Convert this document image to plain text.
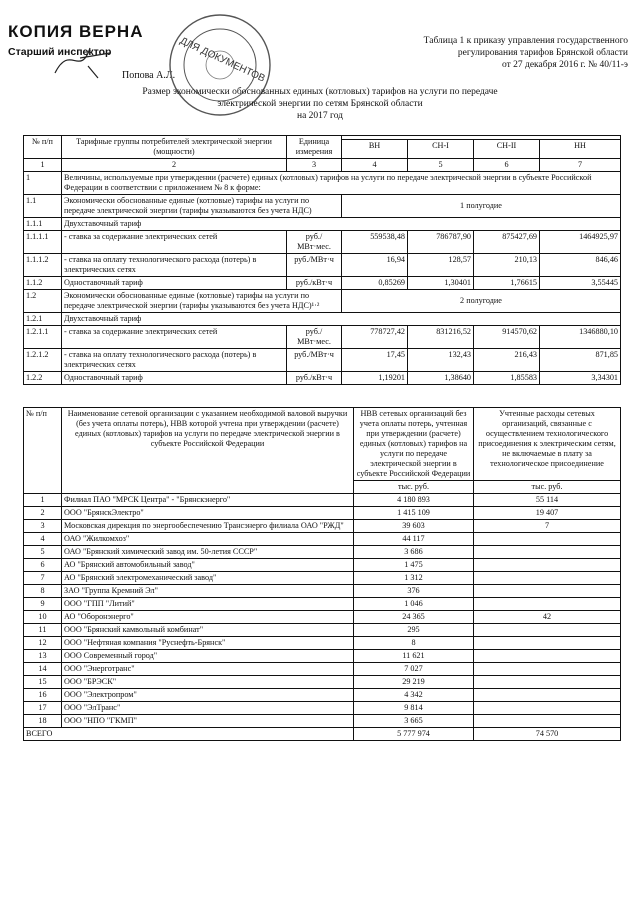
КОПИЯ ВЕРНА
Старший инспектор
Попова А.Л. ДЛЯ ДОКУМЕНТОВ	Таблица 1 к приказу управления государственного
регулирования тарифов Брянской области
от 27 декабря 2016 г. № 40/11-э
Размер экономически обоснованных единых (котловых) тарифов на услуги по передаче
электрической энергии по сетям Брянской области
на 2017 год
№ п/п	Тарифные группы потребителей электрической энергии (мощности)	Единица измерения				
			ВН	СН-I	СН-II	НН
1	2	3	4	5	6	7
1	Величины, используемые при утверждении (расчете) единых (котловых) тарифов на услуги по передаче электрической энергии в субъекте Российской Федерации в соответствии с приложением № 8 к форме:					
1.1	Экономически обоснованные единые (котловые) тарифы на услуги по передаче электрической энергии (тарифы указываются без учета НДС)		1 полугодие			
1.1.1	Двухставочный тариф					
1.1.1.1	- ставка за содержание электрических сетей	руб./МВт·мес.	559538,48	786787,90	875427,69	1464925,97
1.1.1.2	- ставка на оплату технологического расхода (потерь) в электрических сетях	руб./МВт·ч	16,94	128,57	210,13	846,46
1.1.2	Одноставочный тариф	руб./кВт·ч	0,85269	1,30401	1,76615	3,55445
1.2	Экономически обоснованные единые (котловые) тарифы на услуги по передаче электрической энергии (тарифы указываются без учета НДС)¹·²		2 полугодие			
1.2.1	Двухставочный тариф					
1.2.1.1	- ставка за содержание электрических сетей	руб./МВт·мес.	778727,42	831216,52	914570,62	1346880,10
1.2.1.2	- ставка на оплату технологического расхода (потерь) в электрических сетях	руб./МВт·ч	17,45	132,43	216,43	871,85
1.2.2	Одноставочный тариф	руб./кВт·ч	1,19201	1,38640	1,85583	3,34301
№ п/п	Наименование сетевой организации с указанием необходимой валовой выручки (без учета оплаты потерь), НВВ которой учтена при утверждении (расчете) единых (котловых) тарифов на услуги по передаче электрической энергии в субъекте Российской Федерации	НВВ сетевых организаций без учета оплаты потерь, учтенная при утверждении (расчете) единых (котловых) тарифов на услуги по передаче электрической энергии в субъекте Российской Федерации	Учтенные расходы сетевых организаций, связанные с осуществлением технологического присоединения к электрическим сетям, не включаемые в плату за технологическое присоединение
		тыс. руб.	тыс. руб.
1	Филиал ПАО "МРСК Центра" - "Брянскэнерго"	4 180 893	55 114
2	ООО "БрянскЭлектро"	1 415 109	19 407
3	Московская дирекция по энергообеспечению Трансэнерго филиала ОАО "РЖД"	39 603	7
4	ОАО "Жилкомхоз"	44 117	
5	ОАО "Брянский химический завод им. 50-летия СССР"	3 686	
6	АО "Брянский автомобильный завод"	1 475	
7	АО "Брянский электромеханический завод"	1 312	
8	ЗАО "Группа Кремний Эл"	376	
9	ООО "ГПП "Литий"	1 046	
10	АО "Оборонэнерго"	24 365	42
11	ООО "Брянский камвольный комбинат"	295	
12	ООО "Нефтяная компания "Руснефть-Брянск"	8	
13	ООО Современный город"	11 621	
14	ООО "Энерготранс"	7 027	
15	ООО "БРЭСК"	29 219	
16	ООО "Электропром"	4 342	
17	ООО "ЭлТранс"	9 814	
18	ООО "НПО "ГКМП"	3 665	
ВСЕГО		5 777 974	74 570
